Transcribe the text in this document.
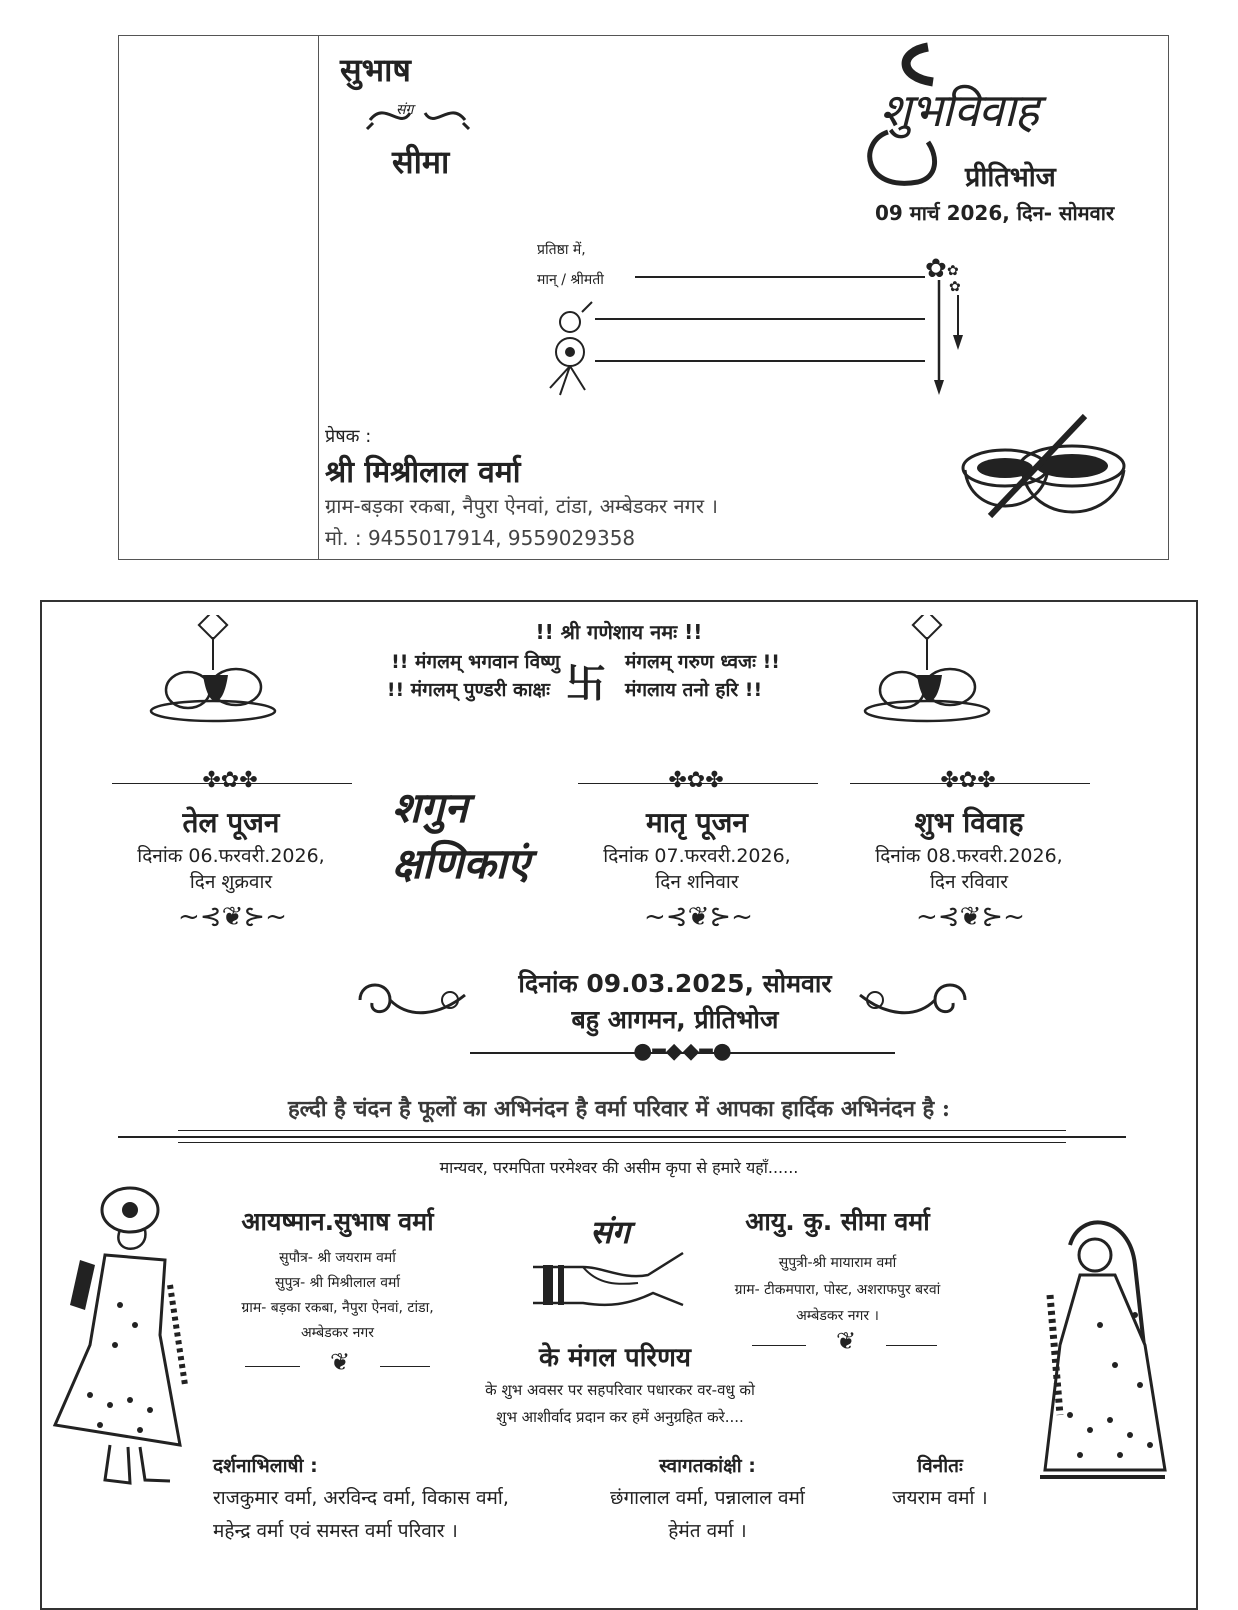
सुभाष
संग
सीमा
शुभविवाह
प्रीतिभोज
09 मार्च 2026, दिन- सोमवार
प्रतिष्ठा में,
मान् / श्रीमती	✿ ✿
✿
प्रेषक :
श्री मिश्रीलाल वर्मा
ग्राम-बड़का रकबा, नैपुरा ऐनवां, टांडा, अम्बेडकर नगर ।
मो. : 9455017914, 9559029358
!! श्री गणेशाय नमः !!
!! मंगलम् भगवान विष्णु	मंगलम् गरुण ध्वजः !!
!! मंगलम् पुण्डरी काक्षः	मंगलाय तनो हरि !!
卐
✤✿✤
तेल पूजन
दिनांक 06.फरवरी.2026,
दिन शुक्रवार
~⊰❦⊱~
शगुन क्षणिकाएं
✤✿✤
मातृ पूजन
दिनांक 07.फरवरी.2026,
दिन शनिवार
~⊰❦⊱~
✤✿✤
शुभ विवाह
दिनांक 08.फरवरी.2026,
दिन रविवार
~⊰❦⊱~
दिनांक 09.03.2025, सोमवार
बहु आगमन, प्रीतिभोज
●━◆◆━●
हल्दी है चंदन है फूलों का अभिनंदन है वर्मा परिवार में आपका हार्दिक अभिनंदन है :
मान्यवर, परमपिता परमेश्वर की असीम कृपा से हमारे यहाँ......
आयष्मान.सुभाष वर्मा
सुपौत्र- श्री जयराम वर्मा
सुपुत्र- श्री मिश्रीलाल वर्मा
ग्राम- बड़का रकबा, नैपुरा ऐनवां, टांडा,
अम्बेडकर नगर
❦
संग
के मंगल परिणय
के शुभ अवसर पर सहपरिवार पधारकर वर-वधु को
शुभ आशीर्वाद प्रदान कर हमें अनुग्रहित करे....
आयु. कु. सीमा वर्मा
सुपुत्री-श्री मायाराम वर्मा
ग्राम- टीकमपारा, पोस्ट, अशराफपुर बरवां
अम्बेडकर नगर ।
❦
दर्शनाभिलाषी :
राजकुमार वर्मा, अरविन्द वर्मा, विकास वर्मा,
महेन्द्र वर्मा एवं समस्त वर्मा परिवार ।
स्वागतकांक्षी :
छंगालाल वर्मा, पन्नालाल वर्मा
हेमंत वर्मा ।
विनीतः
जयराम वर्मा ।
